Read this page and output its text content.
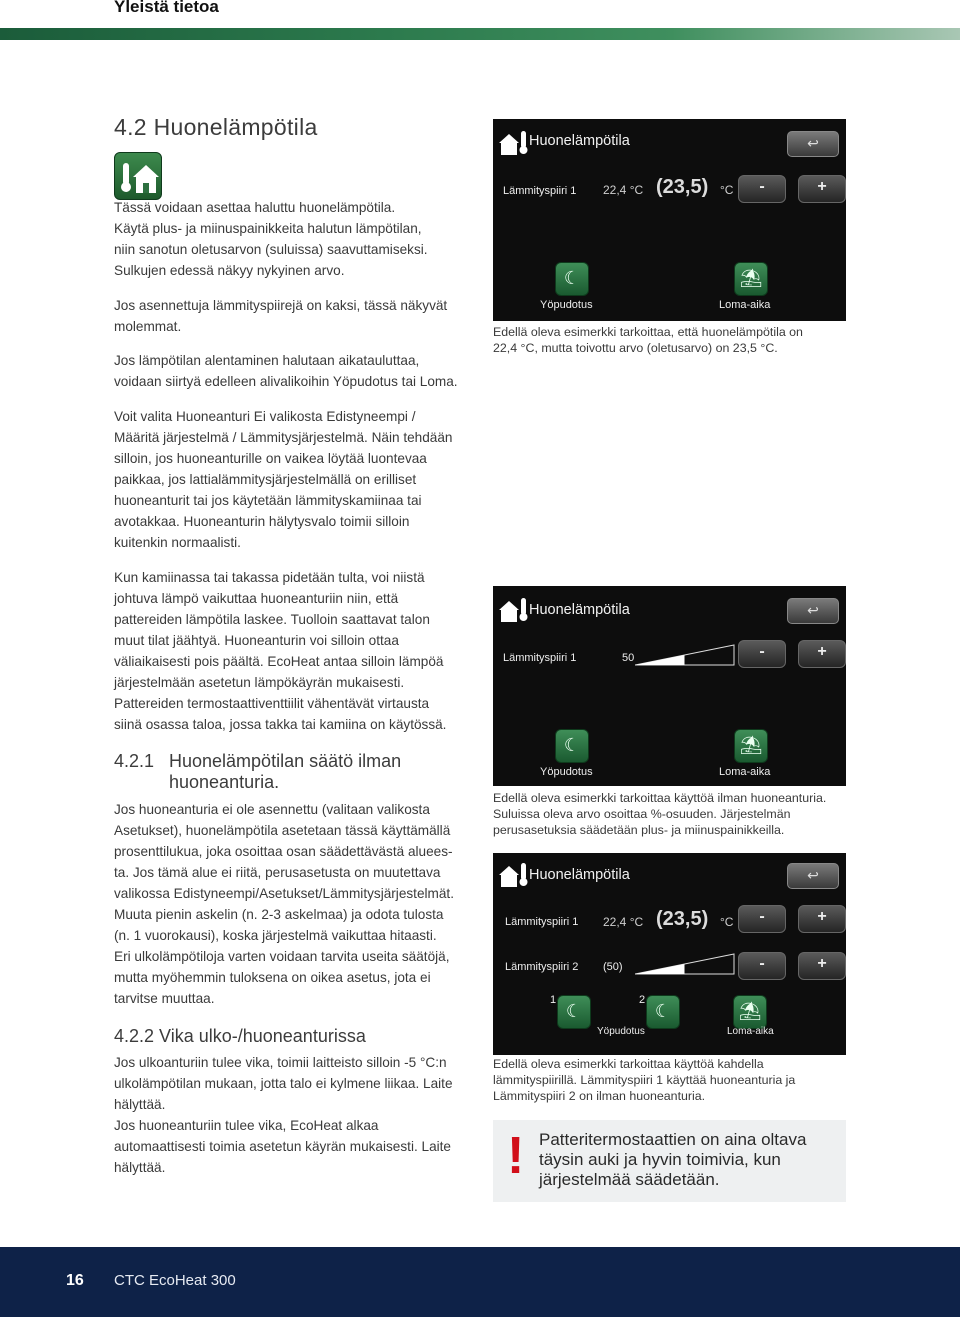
Yleistä tietoa
4.2 Huonelämpötila
Tässä voidaan asettaa haluttu huonelämpötila.
Käytä plus- ja miinuspainikkeita halutun lämpötilan,
niin sanotun oletusarvon (suluissa) saavuttamiseksi.
Sulkujen edessä näkyy nykyinen arvo.
Jos asennettuja lämmityspiirejä on kaksi, tässä näkyvät
molemmat.
Jos lämpötilan alentaminen halutaan aikatauluttaa,
voidaan siirtyä edelleen alivalikoihin Yöpudotus tai Loma.
Voit valita Huoneanturi Ei valikosta Edistyneempi /
Määritä järjestelmä / Lämmitysjärjestelmä. Näin tehdään
silloin, jos huoneanturille on vaikea löytää luontevaa
paikkaa, jos lattialämmitysjärjestelmällä on erilliset
huoneanturit tai jos käytetään lämmityskamiinaa tai
avotakkaa. Huoneanturin hälytysvalo toimii silloin
kuitenkin normaalisti.
Kun kamiinassa tai takassa pidetään tulta, voi niistä
johtuva lämpö vaikuttaa huoneanturiin niin, että
pattereiden lämpötila laskee. Tuolloin saattavat talon
muut tilat jäähtyä. Huoneanturin voi silloin ottaa
väliaikaisesti pois päältä. EcoHeat antaa silloin lämpöä
järjestelmään asetetun lämpökäyrän mukaisesti.
Pattereiden termostaattiventtiilit vähentävät virtausta
siinä osassa taloa, jossa takka tai kamiina on käytössä.
4.2.1 Huonelämpötilan säätö ilman
huoneanturia.
Jos huoneanturia ei ole asennettu (valitaan valikosta
Asetukset), huonelämpötila asetetaan tässä käyttämällä
prosenttilukua, joka osoittaa osan säädettävästä aluees-
ta. Jos tämä alue ei riitä, perusasetusta on muutettava
valikossa Edistyneempi/Asetukset/Lämmitysjärjestelmät.
Muuta pienin askelin (n. 2-3 askelmaa) ja odota tulosta
(n. 1 vuorokausi), koska järjestelmä vaikuttaa hitaasti.
Eri ulkolämpötiloja varten voidaan tarvita useita säätöjä,
mutta myöhemmin tuloksena on oikea asetus, jota ei
tarvitse muuttaa.
4.2.2 Vika ulko-/huoneanturissa
Jos ulkoanturiin tulee vika, toimii laitteisto silloin -5 °C:n
ulkolämpötilan mukaan, jotta talo ei kylmene liikaa. Laite
hälyttää.
Jos huoneanturiin tulee vika, EcoHeat alkaa
automaattisesti toimia asetetun käyrän mukaisesti. Laite
hälyttää.
Huonelämpötila	↩
Lämmityspiiri 1 22,4 °C (23,5) °C	-	+
☾	⛱
Yöpudotus	Loma-aika
Edellä oleva esimerkki tarkoittaa, että huonelämpötila on
22,4 °C, mutta toivottu arvo (oletusarvo) on 23,5 °C.
Huonelämpötila	↩
Lämmityspiiri 1	50	-	+
☾	⛱
Yöpudotus	Loma-aika
Edellä oleva esimerkki tarkoittaa käyttöä ilman huoneanturia.
Suluissa oleva arvo osoittaa %-osuuden. Järjestelmän
perusasetuksia säädetään plus- ja miinuspainikkeilla.
Huonelämpötila	↩
Lämmityspiiri 1 22,4 °C (23,5) °C	-	+
Lämmityspiiri 2 (50)	-	+
1	2
☾	☾	⛱
Yöpudotus	Loma-aika
Edellä oleva esimerkki tarkoittaa käyttöä kahdella
lämmityspiirillä. Lämmityspiiri 1 käyttää huoneanturia ja
Lämmityspiiri 2 on ilman huoneanturia.
! Patteritermostaattien on aina oltava täysin auki ja hyvin toimivia, kun järjestelmää säädetään.
16 CTC EcoHeat 300
